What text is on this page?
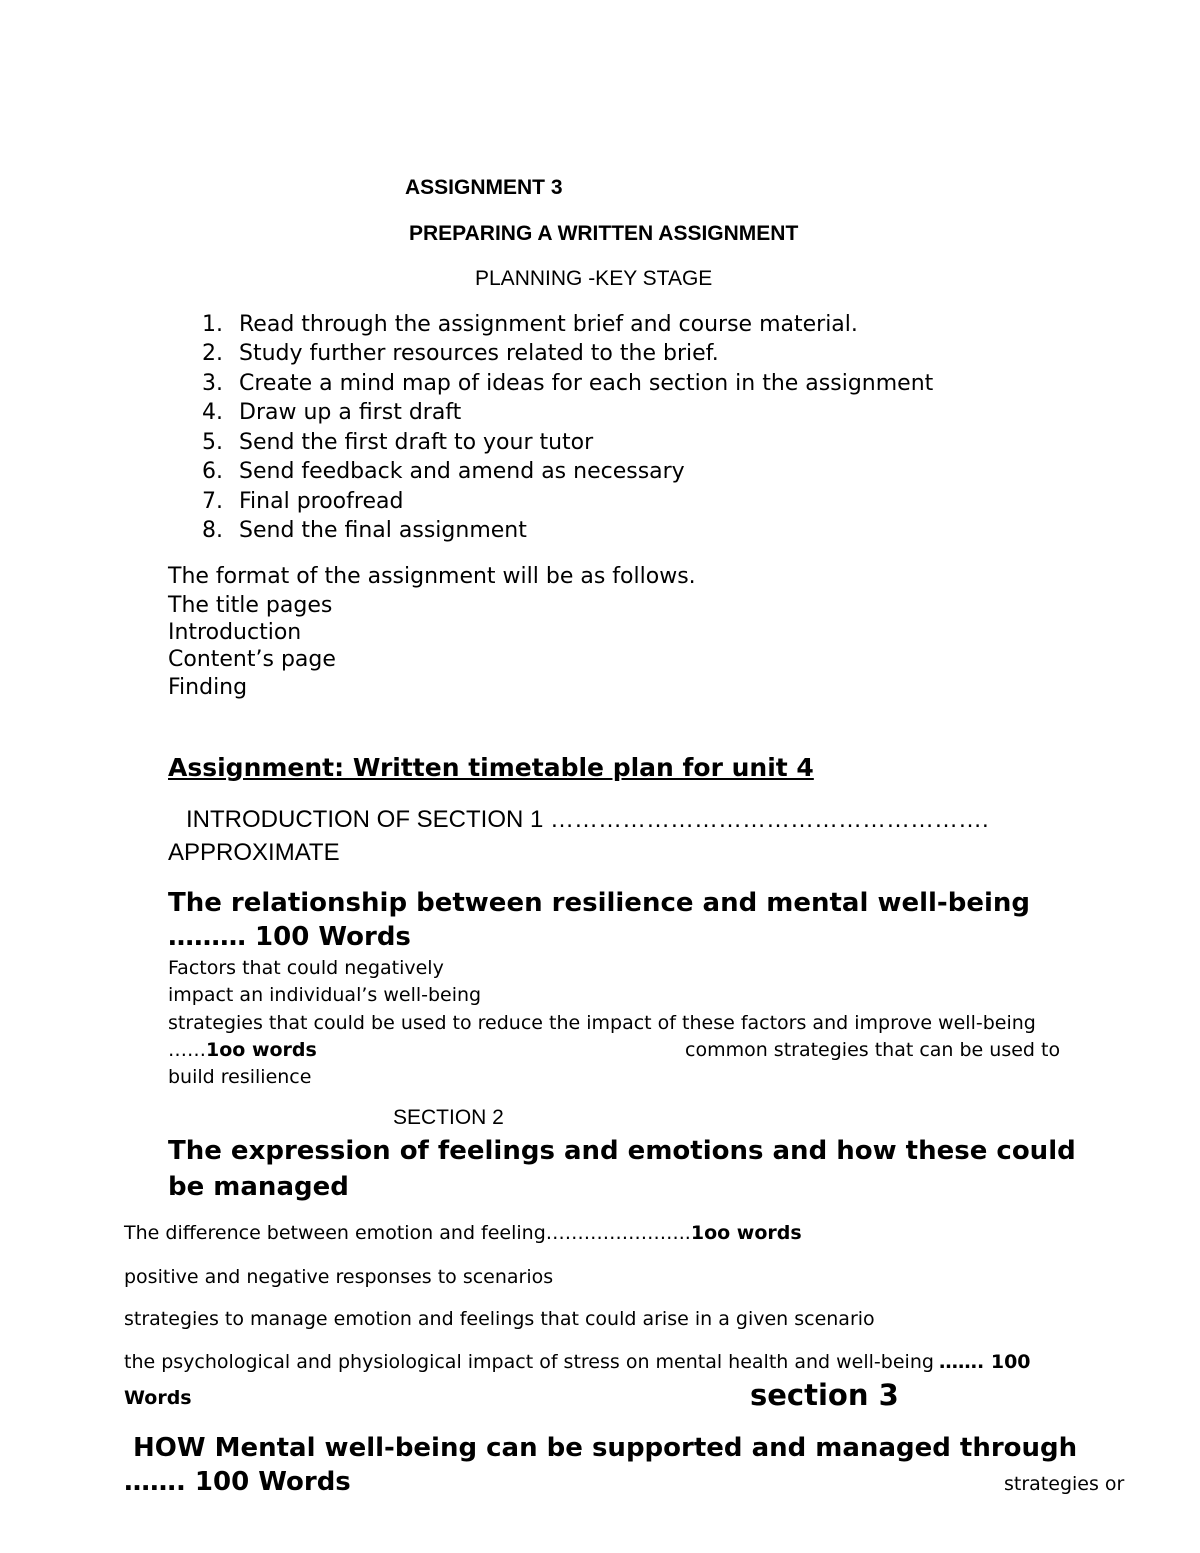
ASSIGNMENT 3
PREPARING A WRITTEN ASSIGNMENT
PLANNING -KEY STAGE
1. Read through the assignment brief and course material.
2. Study further resources related to the brief.
3. Create a mind map of ideas for each section in the assignment
4. Draw up a first draft
5. Send the first draft to your tutor
6. Send feedback and amend as necessary
7. Final proofread
8. Send the final assignment
The format of the assignment will be as follows.
The title pages
Introduction
Content’s page
Finding
Assignment: Written timetable plan for unit 4
INTRODUCTION OF SECTION 1 ……………………………………………….
APPROXIMATE
The relationship between resilience and mental well-being
……… 100 Words
Factors that could negatively
impact an individual’s well-being
strategies that could be used to reduce the impact of these factors and improve well-being
……1oo words	common strategies that can be used to
build resilience
SECTION 2
The expression of feelings and emotions and how these could
be managed
The difference between emotion and feeling…………………..1oo words
positive and negative responses to scenarios
strategies to manage emotion and feelings that could arise in a given scenario
the psychological and physiological impact of stress on mental health and well-being ……. 100
Words	section 3
HOW Mental well-being can be supported and managed through
……. 100 Words	strategies or
